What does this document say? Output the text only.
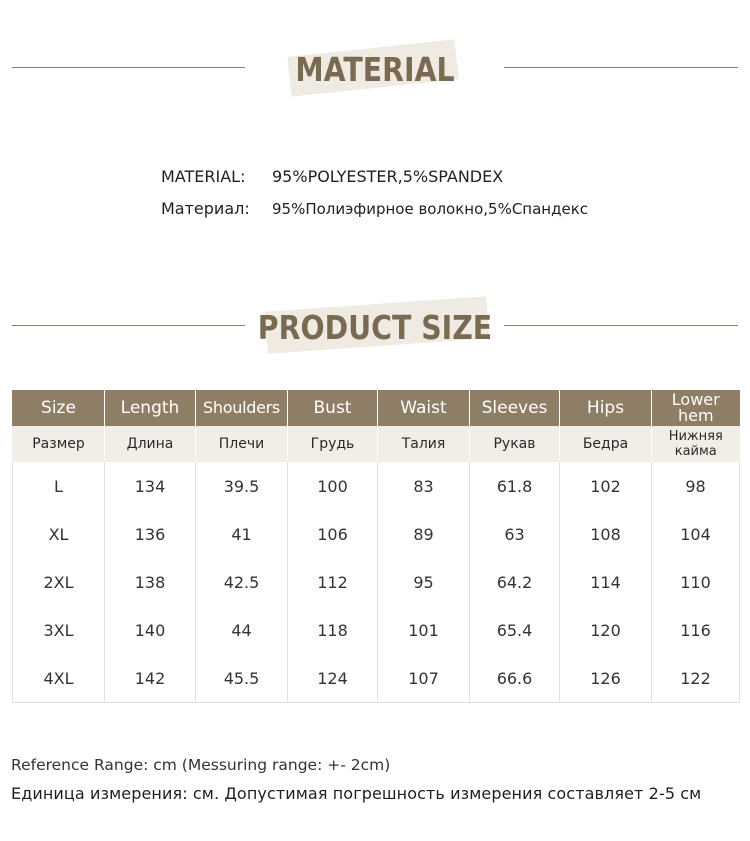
MATERIAL
MATERIAL: 95%POLYESTER,5%SPANDEX
Материал: 95%Полиэфирное волокно,5%Спандекс
PRODUCT SIZE
Size	Length	Shoulders	Bust	Waist	Sleeves	Hips	Lower hem
Размер	Длина	Плечи	Грудь	Талия	Рукав	Бедра	Нижняя кайма
L	134	39.5	100	83	61.8	102	98
XL	136	41	106	89	63	108	104
2XL	138	42.5	112	95	64.2	114	110
3XL	140	44	118	101	65.4	120	116
4XL	142	45.5	124	107	66.6	126	122
Reference Range: cm (Messuring range: +- 2cm)
Единица измерения: см. Допустимая погрешность измерения составляет 2-5 см
